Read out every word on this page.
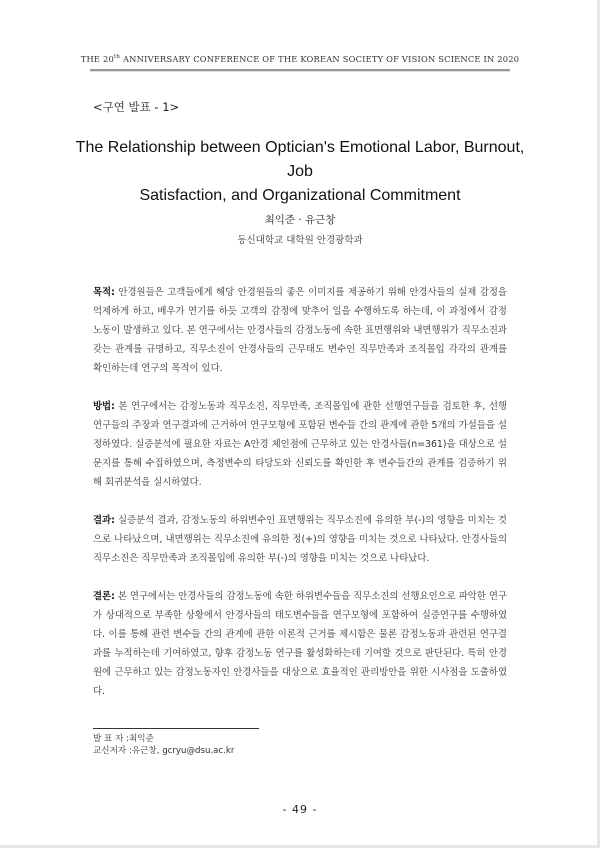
THE 20th ANNIVERSARY CONFERENCE OF THE KOREAN SOCIETY OF VISION SCIENCE IN 2020
<구연 발표 - 1>
The Relationship between Optician's Emotional Labor, Burnout, Job
Satisfaction, and Organizational Commitment
최익준 · 유근창
동신대학교 대학원 안경광학과

목적: 안경원들은 고객들에게 해당 안경원들의 좋은 이미지를 제공하기 위해 안경사들의 실제 감정을 억제하게 하고, 배우가 연기를 하듯 고객의 감정에 맞추어 일을 수행하도록 하는데, 이 과정에서 감정노동이 발생하고 있다. 본 연구에서는 안경사들의 감정노동에 속한 표면행위와 내면행위가 직무소진과 갖는 관계를 규명하고, 직무소진이 안경사들의 근무태도 변수인 직무만족과 조직몰입 각각의 관계를 확인하는데 연구의 목적이 있다.

방법: 본 연구에서는 감정노동과 직무소진, 직무만족, 조직몰입에 관한 선행연구들을 검토한 후, 선행연구들의 주장과 연구결과에 근거하여 연구모형에 포함된 변수들 간의 관계에 관한 5개의 가설들을 설정하였다. 실증분석에 필요한 자료는 A안경 체인점에 근무하고 있는 안경사들(n=361)을 대상으로 설문지를 통해 수집하였으며, 측정변수의 타당도와 신뢰도를 확인한 후 변수들간의 관계를 검증하기 위해 회귀분석을 실시하였다.

결과: 실증분석 결과, 감정노동의 하위변수인 표면행위는 직무소진에 유의한 부(-)의 영향을 미치는 것으로 나타났으며, 내면행위는 직무소진에 유의한 정(+)의 영향을 미치는 것으로 나타났다. 안경사들의 직무소진은 직무만족과 조직몰입에 유의한 부(-)의 영향을 미치는 것으로 나타났다.

결론: 본 연구에서는 안경사들의 감정노동에 속한 하위변수들을 직무소진의 선행요인으로 파악한 연구가 상대적으로 부족한 상황에서 안경사들의 태도변수들을 연구모형에 포함하여 실증연구를 수행하였다. 이를 통해 관련 변수들 간의 관계에 관한 이론적 근거를 제시함은 물론 감정노동과 관련된 연구결과를 누적하는데 기여하였고, 향후 감정노동 연구를 활성화하는데 기여할 것으로 판단된다. 특히 안경원에 근무하고 있는 감정노동자인 안경사들을 대상으로 효율적인 관리방안을 위한 시사점을 도출하였다.

발 표 자 :최익준
교신저자 :유근창, gcryu@dsu.ac.kr
- 49 -
